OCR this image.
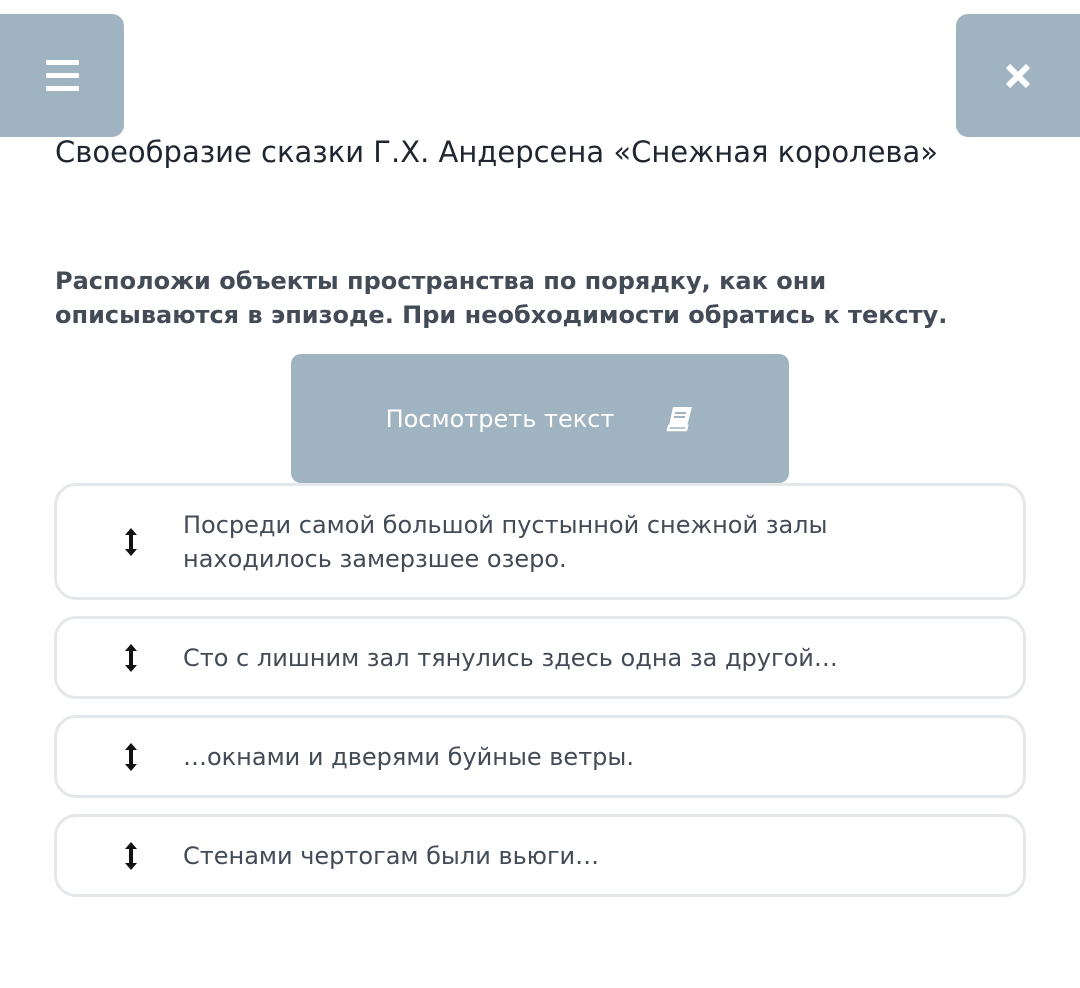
Своеобразие сказки Г.Х. Андерсена «Снежная королева»

Расположи объекты пространства по порядку, как они описываются в эпизоде. При необходимости обратись к тексту.

Посмотреть текст
Посреди самой большой пустынной снежной залы находилось замерзшее озеро.
Сто с лишним зал тянулись здесь одна за другой…
…окнами и дверями буйные ветры.
Стенами чертогам были вьюги…
